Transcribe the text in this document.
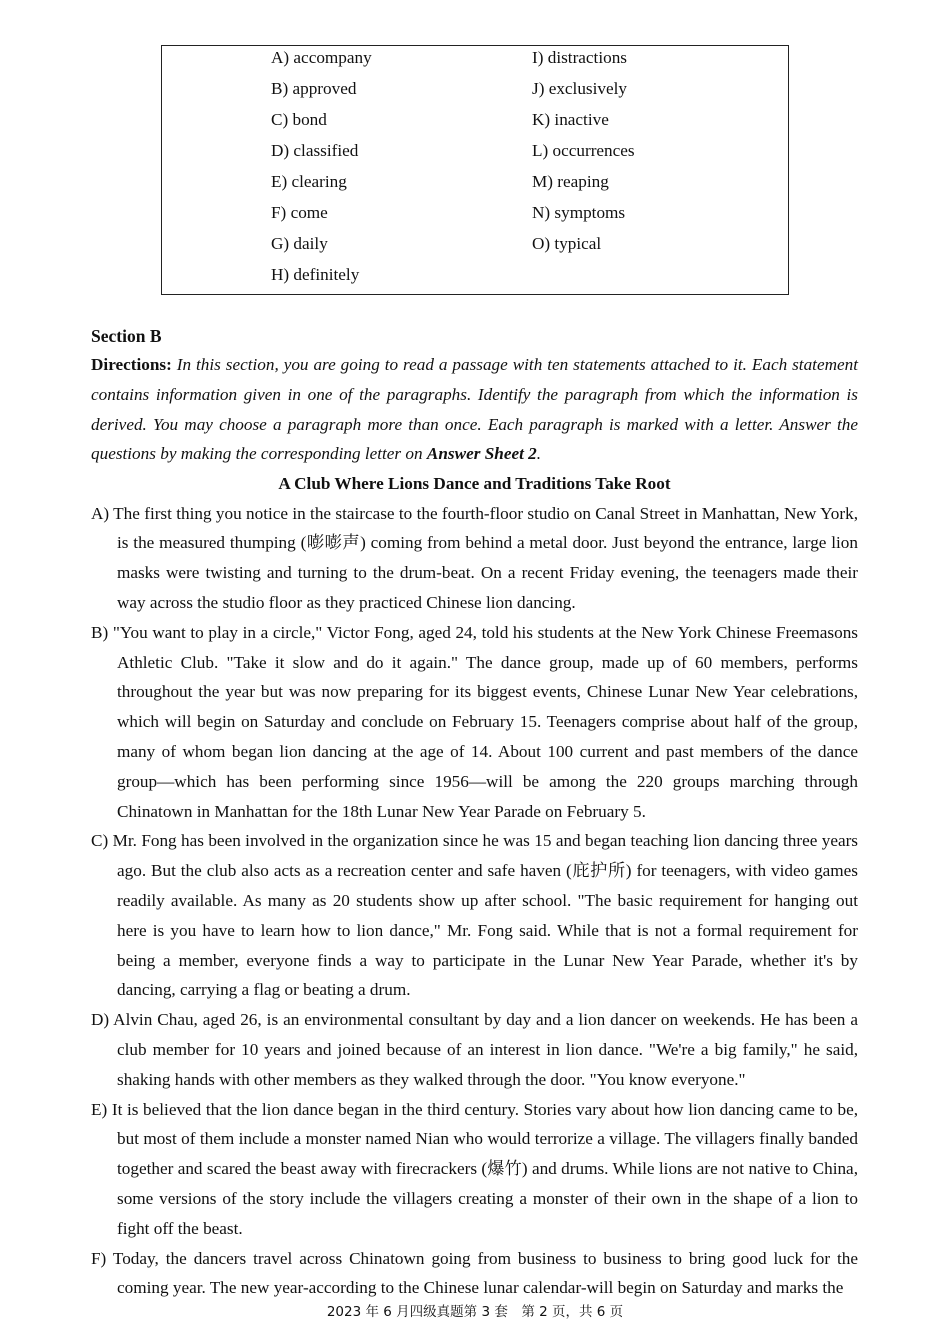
A) accompany
B) approved
C) bond
D) classified
E) clearing
F) come
G) daily
H) definitely
I) distractions
J) exclusively
K) inactive
L) occurrences
M) reaping
N) symptoms
O) typical
Section B

Directions: In this section, you are going to read a passage with ten statements attached to it. Each statement contains information given in one of the paragraphs. Identify the paragraph from which the information is derived. You may choose a paragraph more than once. Each paragraph is marked with a letter. Answer the questions by making the corresponding letter on Answer Sheet 2.

A Club Where Lions Dance and Traditions Take Root

A) The first thing you notice in the staircase to the fourth-floor studio on Canal Street in Manhattan, New York, is the measured thumping (嘭嘭声) coming from behind a metal door. Just beyond the entrance, large lion masks were twisting and turning to the drum-beat. On a recent Friday evening, the teenagers made their way across the studio floor as they practiced Chinese lion dancing.

B) "You want to play in a circle," Victor Fong, aged 24, told his students at the New York Chinese Freemasons Athletic Club. "Take it slow and do it again." The dance group, made up of 60 members, performs throughout the year but was now preparing for its biggest events, Chinese Lunar New Year celebrations, which will begin on Saturday and conclude on February 15. Teenagers comprise about half of the group, many of whom began lion dancing at the age of 14. About 100 current and past members of the dance group—which has been performing since 1956—will be among the 220 groups marching through Chinatown in Manhattan for the 18th Lunar New Year Parade on February 5.

C) Mr. Fong has been involved in the organization since he was 15 and began teaching lion dancing three years ago. But the club also acts as a recreation center and safe haven (庇护所) for teenagers, with video games readily available. As many as 20 students show up after school. "The basic requirement for hanging out here is you have to learn how to lion dance," Mr. Fong said. While that is not a formal requirement for being a member, everyone finds a way to participate in the Lunar New Year Parade, whether it's by dancing, carrying a flag or beating a drum.

D) Alvin Chau, aged 26, is an environmental consultant by day and a lion dancer on weekends. He has been a club member for 10 years and joined because of an interest in lion dance. "We're a big family," he said, shaking hands with other members as they walked through the door. "You know everyone."

E) It is believed that the lion dance began in the third century. Stories vary about how lion dancing came to be, but most of them include a monster named Nian who would terrorize a village. The villagers finally banded together and scared the beast away with firecrackers (爆竹) and drums. While lions are not native to China, some versions of the story include the villagers creating a monster of their own in the shape of a lion to fight off the beast.

F) Today, the dancers travel across Chinatown going from business to business to bring good luck for the coming year. The new year-according to the Chinese lunar calendar-will begin on Saturday and marks the

2023 年 6 月四级真题第 3 套　第 2 页，共 6 页
